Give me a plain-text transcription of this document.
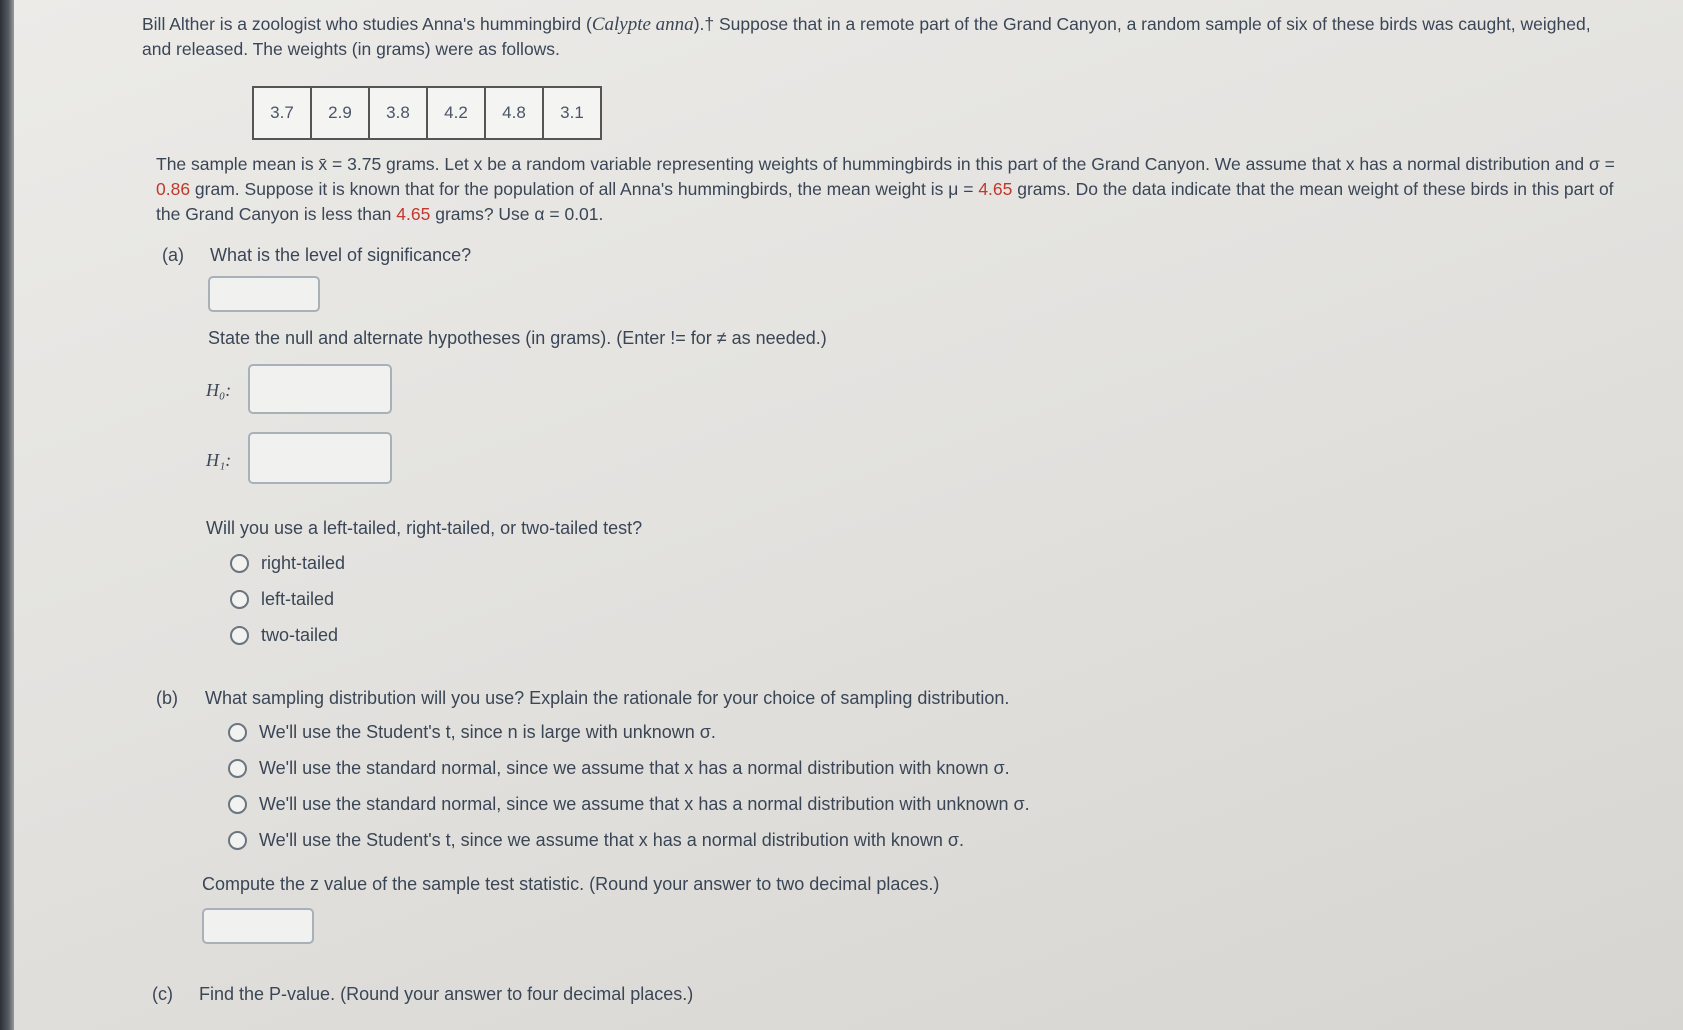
Bill Alther is a zoologist who studies Anna's hummingbird (Calypte anna).† Suppose that in a remote part of the Grand Canyon, a random sample of six of these birds was caught, weighed, and released. The weights (in grams) were as follows.
3.7	2.9	3.8	4.2	4.8	3.1
The sample mean is x̄ = 3.75 grams. Let x be a random variable representing weights of hummingbirds in this part of the Grand Canyon. We assume that x has a normal distribution and σ = 0.86 gram. Suppose it is known that for the population of all Anna's hummingbirds, the mean weight is μ = 4.65 grams. Do the data indicate that the mean weight of these birds in this part of the Grand Canyon is less than 4.65 grams? Use α = 0.01.
(a) What is the level of significance?
State the null and alternate hypotheses (in grams). (Enter != for ≠ as needed.)
H₀:
H₁:
Will you use a left-tailed, right-tailed, or two-tailed test?
right-tailed
left-tailed
two-tailed
(b) What sampling distribution will you use? Explain the rationale for your choice of sampling distribution.
We'll use the Student's t, since n is large with unknown σ.
We'll use the standard normal, since we assume that x has a normal distribution with known σ.
We'll use the standard normal, since we assume that x has a normal distribution with unknown σ.
We'll use the Student's t, since we assume that x has a normal distribution with known σ.
Compute the z value of the sample test statistic. (Round your answer to two decimal places.)
(c) Find the P-value. (Round your answer to four decimal places.)
